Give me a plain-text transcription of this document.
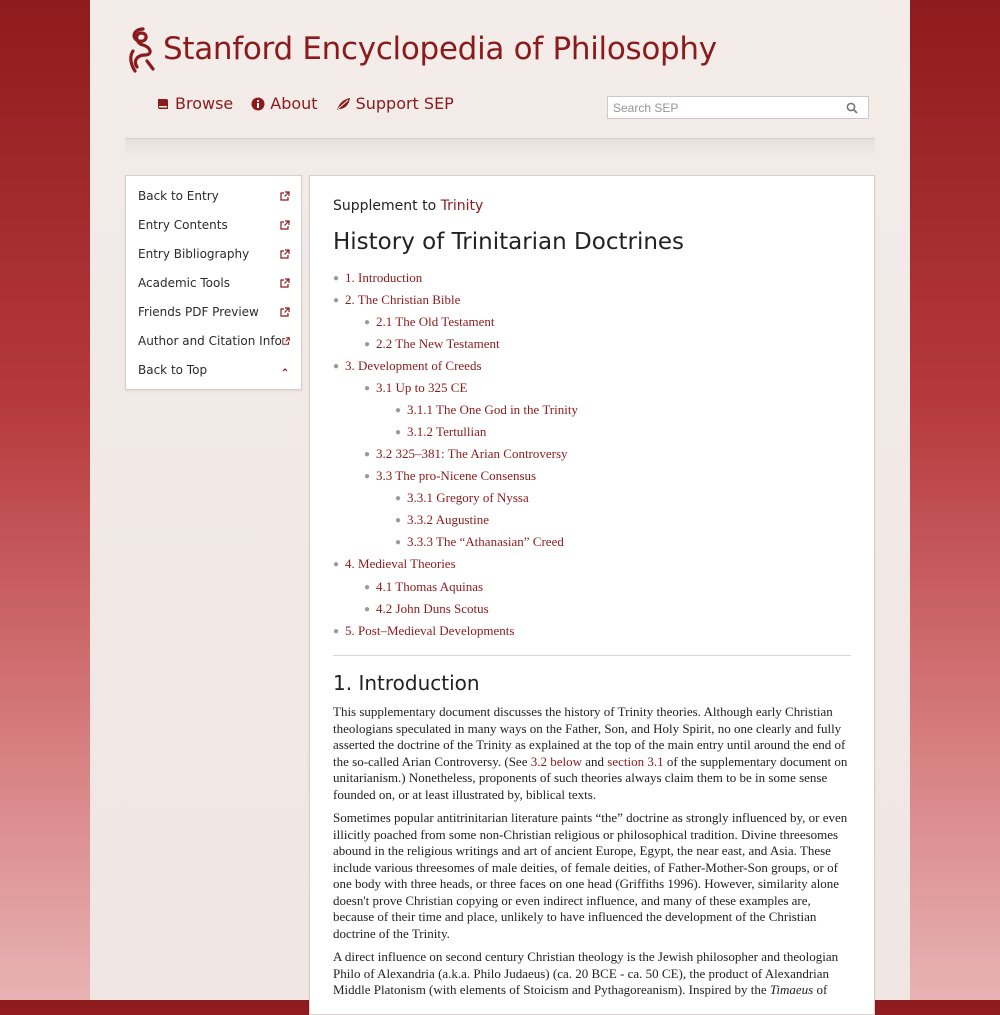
Stanford Encyclopedia of Philosophy
Browse About Support SEP
Search SEP
Back to Entry
Entry Contents
Entry Bibliography
Academic Tools
Friends PDF Preview
Author and Citation Info
Back to Top
Supplement to Trinity
History of Trinitarian Doctrines
● 1. Introduction
● 2. The Christian Bible
● 2.1 The Old Testament
● 2.2 The New Testament
● 3. Development of Creeds
● 3.1 Up to 325 CE
● 3.1.1 The One God in the Trinity
● 3.1.2 Tertullian
● 3.2 325–381: The Arian Controversy
● 3.3 The pro-Nicene Consensus
● 3.3.1 Gregory of Nyssa
● 3.3.2 Augustine
● 3.3.3 The “Athanasian” Creed
● 4. Medieval Theories
● 4.1 Thomas Aquinas
● 4.2 John Duns Scotus
● 5. Post–Medieval Developments
1. Introduction

This supplementary document discusses the history of Trinity theories. Although early Christian theologians speculated in many ways on the Father, Son, and Holy Spirit, no one clearly and fully asserted the doctrine of the Trinity as explained at the top of the main entry until around the end of the so-called Arian Controversy. (See 3.2 below and section 3.1 of the supplementary document on unitarianism.) Nonetheless, proponents of such theories always claim them to be in some sense founded on, or at least illustrated by, biblical texts.

Sometimes popular antitrinitarian literature paints “the” doctrine as strongly influenced by, or even illicitly poached from some non-Christian religious or philosophical tradition. Divine threesomes abound in the religious writings and art of ancient Europe, Egypt, the near east, and Asia. These include various threesomes of male deities, of female deities, of Father-Mother-Son groups, or of one body with three heads, or three faces on one head (Griffiths 1996). However, similarity alone doesn't prove Christian copying or even indirect influence, and many of these examples are, because of their time and place, unlikely to have influenced the development of the Christian doctrine of the Trinity.

A direct influence on second century Christian theology is the Jewish philosopher and theologian Philo of Alexandria (a.k.a. Philo Judaeus) (ca. 20 BCE - ca. 50 CE), the product of Alexandrian Middle Platonism (with elements of Stoicism and Pythagoreanism). Inspired by the Timaeus of
